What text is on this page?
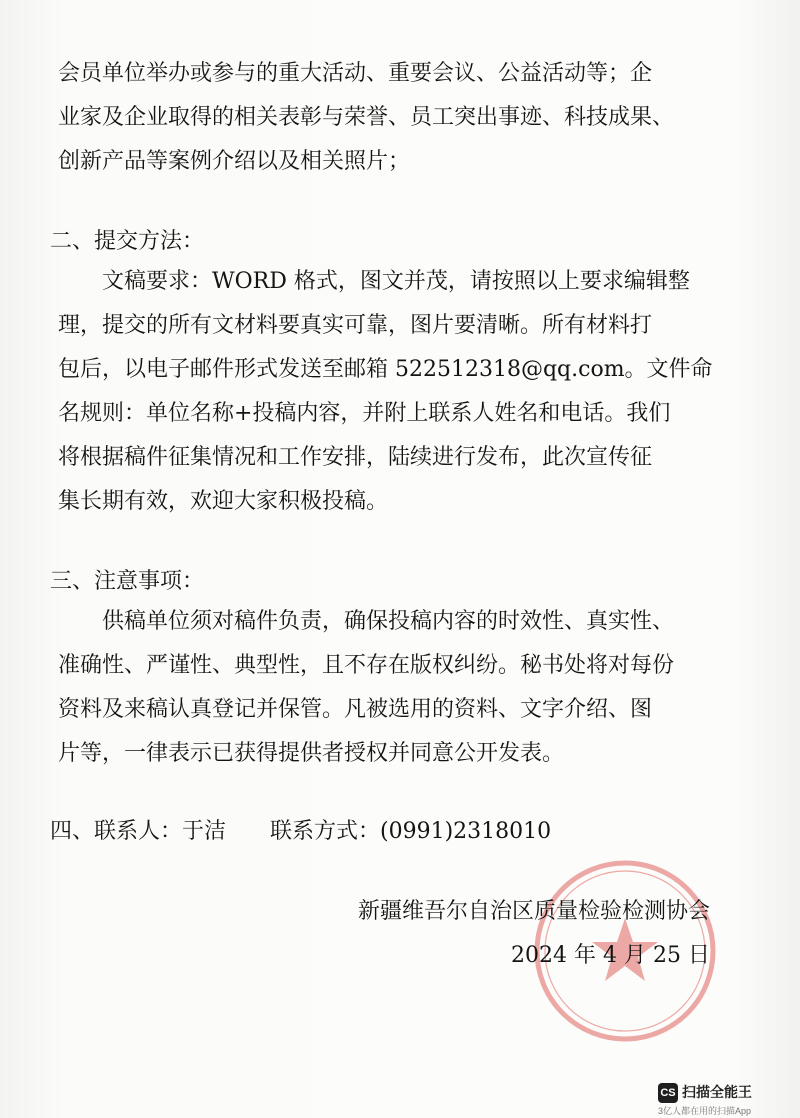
会员单位举办或参与的重大活动、重要会议、公益活动等；企

业家及企业取得的相关表彰与荣誉、员工突出事迹、科技成果、

创新产品等案例介绍以及相关照片；

二、提交方法：

文稿要求：WORD 格式，图文并茂，请按照以上要求编辑整

理，提交的所有文材料要真实可靠，图片要清晰。所有材料打

包后，以电子邮件形式发送至邮箱 522512318@qq.com。文件命

名规则：单位名称+投稿内容，并附上联系人姓名和电话。我们

将根据稿件征集情况和工作安排，陆续进行发布，此次宣传征

集长期有效，欢迎大家积极投稿。

三、注意事项：

供稿单位须对稿件负责，确保投稿内容的时效性、真实性、

准确性、严谨性、典型性，且不存在版权纠纷。秘书处将对每份

资料及来稿认真登记并保管。凡被选用的资料、文字介绍、图

片等，一律表示已获得提供者授权并同意公开发表。

四、联系人：于洁 联系方式：(0991)2318010
新疆维吾尔自治区质量检验检测协会
2024 年 4 月 25 日
CS 扫描全能王
3亿人都在用的扫描App
